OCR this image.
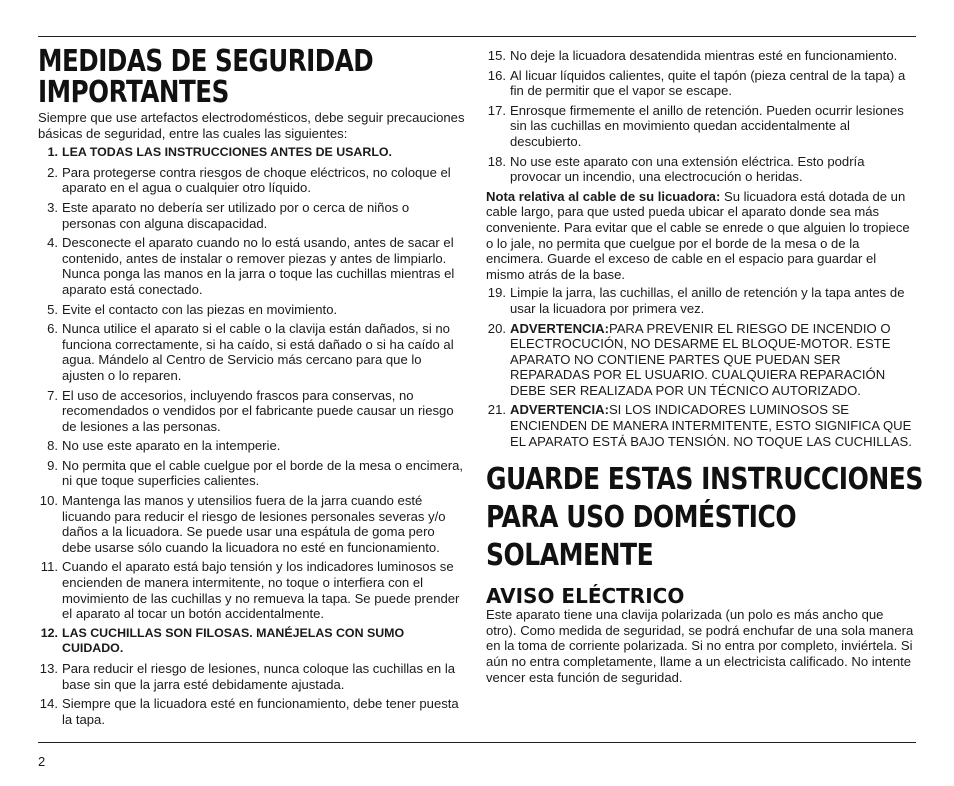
MEDIDAS DE SEGURIDAD
IMPORTANTES

Siempre que use artefactos electrodomésticos, debe seguir precauciones básicas de seguridad, entre las cuales las siguientes:

1. LEA TODAS LAS INSTRUCCIONES ANTES DE USARLO.
2. Para protegerse contra riesgos de choque eléctricos, no coloque el aparato en el agua o cualquier otro líquido.
3. Este aparato no debería ser utilizado por o cerca de niños o personas con alguna discapacidad.
4. Desconecte el aparato cuando no lo está usando, antes de sacar el contenido, antes de instalar o remover piezas y antes de limpiarlo. Nunca ponga las manos en la jarra o toque las cuchillas mientras el aparato está conectado.
5. Evite el contacto con las piezas en movimiento.
6. Nunca utilice el aparato si el cable o la clavija están dañados, si no funciona correctamente, si ha caído, si está dañado o si ha caído al agua. Mándelo al Centro de Servicio más cercano para que lo ajusten o lo reparen.
7. El uso de accesorios, incluyendo frascos para conservas, no recomendados o vendidos por el fabricante puede causar un riesgo de lesiones a las personas.
8. No use este aparato en la intemperie.
9. No permita que el cable cuelgue por el borde de la mesa o encimera, ni que toque superficies calientes.
10. Mantenga las manos y utensilios fuera de la jarra cuando esté licuando para reducir el riesgo de lesiones personales severas y/o daños a la licuadora. Se puede usar una espátula de goma pero debe usarse sólo cuando la licuadora no esté en funcionamiento.
11. Cuando el aparato está bajo tensión y los indicadores luminosos se encienden de manera intermitente, no toque o interfiera con el movimiento de las cuchillas y no remueva la tapa. Se puede prender el aparato al tocar un botón accidentalmente.
12. LAS CUCHILLAS SON FILOSAS. MANÉJELAS CON SUMO CUIDADO.
13. Para reducir el riesgo de lesiones, nunca coloque las cuchillas en la base sin que la jarra esté debidamente ajustada.
14. Siempre que la licuadora esté en funcionamiento, debe tener puesta la tapa.
15. No deje la licuadora desatendida mientras esté en funcionamiento.
16. Al licuar líquidos calientes, quite el tapón (pieza central de la tapa) a fin de permitir que el vapor se escape.
17. Enrosque firmemente el anillo de retención. Pueden ocurrir lesiones sin las cuchillas en movimiento quedan accidentalmente al descubierto.
18. No use este aparato con una extensión eléctrica. Esto podría provocar un incendio, una electrocución o heridas.

Nota relativa al cable de su licuadora: Su licuadora está dotada de un cable largo, para que usted pueda ubicar el aparato donde sea más conveniente. Para evitar que el cable se enrede o que alguien lo tropiece o lo jale, no permita que cuelgue por el borde de la mesa o de la encimera. Guarde el exceso de cable en el espacio para guardar el mismo atrás de la base.

19. Limpie la jarra, las cuchillas, el anillo de retención y la tapa antes de usar la licuadora por primera vez.
20. ADVERTENCIA:PARA PREVENIR EL RIESGO DE INCENDIO O ELECTROCUCIÓN, NO DESARME EL BLOQUE-MOTOR. ESTE APARATO NO CONTIENE PARTES QUE PUEDAN SER REPARADAS POR EL USUARIO. CUALQUIERA REPARACIÓN DEBE SER REALIZADA POR UN TÉCNICO AUTORIZADO.
21. ADVERTENCIA:SI LOS INDICADORES LUMINOSOS SE ENCIENDEN DE MANERA INTERMITENTE, ESTO SIGNIFICA QUE EL APARATO ESTÁ BAJO TENSIÓN. NO TOQUE LAS CUCHILLAS.
GUARDE ESTAS INSTRUCCIONES
PARA USO DOMÉSTICO
SOLAMENTE
AVISO ELÉCTRICO

Este aparato tiene una clavija polarizada (un polo es más ancho que otro). Como medida de seguridad, se podrá enchufar de una sola manera en la toma de corriente polarizada. Si no entra por completo, inviértela. Si aún no entra completamente, llame a un electricista calificado. No intente vencer esta función de seguridad.

2
